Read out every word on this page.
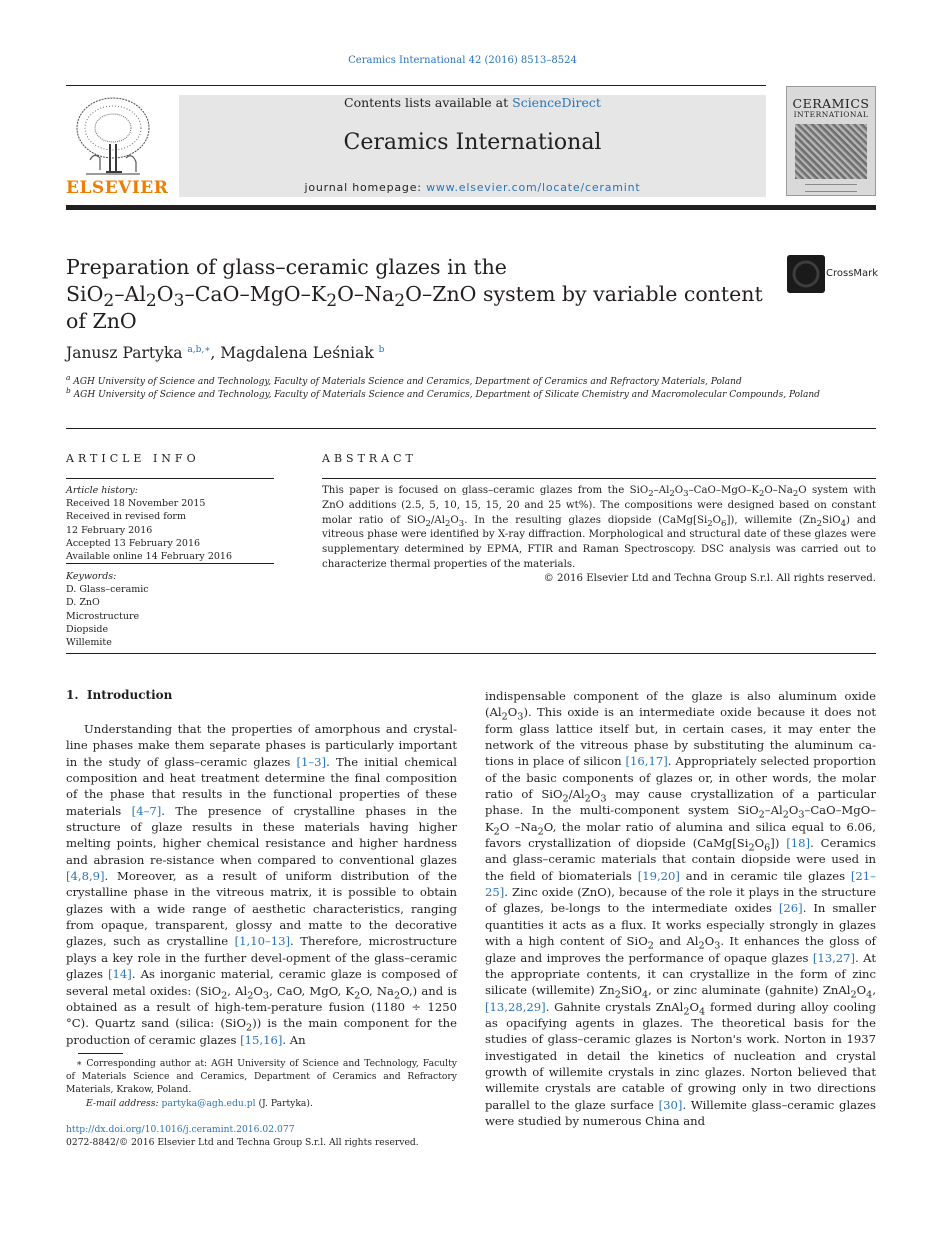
Ceramics International 42 (2016) 8513–8524
ELSEVIER
Contents lists available at ScienceDirect
Ceramics International
journal homepage: www.elsevier.com/locate/ceramint
CERAMICS
INTERNATIONAL
Preparation of glass–ceramic glazes in the
$SiO_2-Al_2O_3-CaO-MgO-K_2O-Na_2O$–ZnO system by variable content
of ZnO
CrossMark
Janusz Partyka $^{a,b,∗}$, Magdalena Leśniak $^b$
$^a$ AGH University of Science and Technology, Faculty of Materials Science and Ceramics, Department of Ceramics and Refractory Materials, Poland
$^b$ AGH University of Science and Technology, Faculty of Materials Science and Ceramics, Department of Silicate Chemistry and Macromolecular Compounds, Poland
ARTICLE INFO
Article history:
Received 18 November 2015
Received in revised form
12 February 2016
Accepted 13 February 2016
Available online 14 February 2016
Keywords:
D. Glass–ceramic
D. ZnO
Microstructure
Diopside
Willemite
ABSTRACT
This paper is focused on glass–ceramic glazes from the $SiO_2-Al_2O_3-CaO-MgO-K_2O-Na_2O$ system with ZnO additions (2.5, 5, 10, 15, 15, 20 and 25 wt%). The compositions were designed based on constant molar ratio of $SiO_2/Al_2O_3$. In the resulting glazes diopside $(CaMg[Si_2O_6])$, willemite $(Zn_2SiO_4)$ and vitreous phase were identified by X-ray diffraction. Morphological and structural date of these glazes were supplementary determined by EPMA, FTIR and Raman Spectroscopy. DSC analysis was carried out to characterize thermal properties of the materials.
© 2016 Elsevier Ltd and Techna Group S.r.l. All rights reserved.
1. Introduction
Understanding that the properties of amorphous and crystal-line phases make them separate phases is particularly important in the study of glass–ceramic glazes [1–3]. The initial chemical composition and heat treatment determine the final composition of the phase that results in the functional properties of these materials [4–7]. The presence of crystalline phases in the structure of glaze results in these materials having higher melting points, higher chemical resistance and higher hardness and abrasion re-sistance when compared to conventional glazes [4,8,9]. Moreover, as a result of uniform distribution of the crystalline phase in the vitreous matrix, it is possible to obtain glazes with a wide range of aesthetic characteristics, ranging from opaque, transparent, glossy and matte to the decorative glazes, such as crystalline [1,10–13]. Therefore, microstructure plays a key role in the further devel-opment of the glass–ceramic glazes [14]. As inorganic material, ceramic glaze is composed of several metal oxides: (SiO$_2$, $Al_2O_3$, CaO, MgO, $K_2O$, $Na_2O$,) and is obtained as a result of high-tem-perature fusion (1180 ÷ 1250 °C). Quartz sand (silica: (SiO$_2$)) is the main component for the production of ceramic glazes [15,16]. An
indispensable component of the glaze is also aluminum oxide $(Al_2O_3)$. This oxide is an intermediate oxide because it does not form glass lattice itself but, in certain cases, it may enter the network of the vitreous phase by substituting the aluminum ca-tions in place of silicon [16,17]. Appropriately selected proportion of the basic components of glazes or, in other words, the molar ratio of $SiO_2/Al_2O_3$ may cause crystallization of a particular phase. In the multi-component system $SiO_2-Al_2O_3-CaO-MgO-K_2O$ $-Na_2O$, the molar ratio of alumina and silica equal to 6.06, favors crystallization of diopside $(CaMg[Si_2O_6])$ [18]. Ceramics and glass–ceramic materials that contain diopside were used in the field of biomaterials [19,20] and in ceramic tile glazes [21–25]. Zinc oxide (ZnO), because of the role it plays in the structure of glazes, be-longs to the intermediate oxides [26]. In smaller quantities it acts as a flux. It works especially strongly in glazes with a high content of SiO$_2$ and $Al_2O_3$. It enhances the gloss of glaze and improves the performance of opaque glazes [13,27]. At the appropriate contents, it can crystallize in the form of zinc silicate (willemite) $Zn_2SiO_4$, or zinc aluminate (gahnite) $ZnAl_2O_4$, [13,28,29]. Gahnite crystals $ZnAl_2O_4$ formed during alloy cooling as opacifying agents in glazes. The theoretical basis for the studies of glass–ceramic glazes is Norton's work. Norton in 1937 investigated in detail the kinetics of nucleation and crystal growth of willemite crystals in zinc glazes. Norton believed that willemite crystals are catable of growing only in two directions parallel to the glaze surface [30]. Willemite glass–ceramic glazes were studied by numerous China and
∗ Corresponding author at: AGH University of Science and Technology, Faculty of Materials Science and Ceramics, Department of Ceramics and Refractory Materials, Krakow, Poland.
E-mail address: partyka@agh.edu.pl (J. Partyka).
http://dx.doi.org/10.1016/j.ceramint.2016.02.077
0272-8842/© 2016 Elsevier Ltd and Techna Group S.r.l. All rights reserved.
